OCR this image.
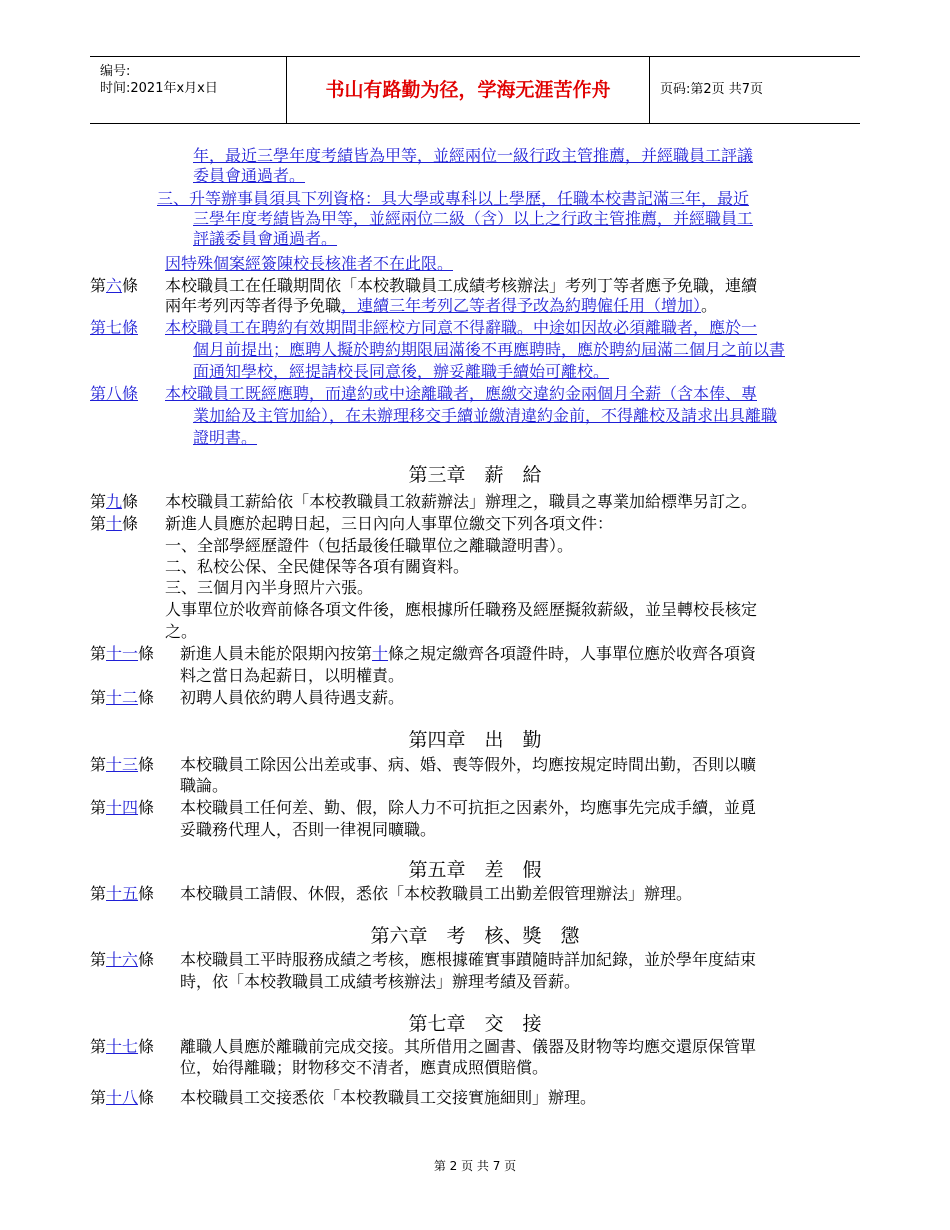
编号:
时间:2021年x月x日	书山有路勤为径，学海无涯苦作舟	页码:第2页 共7页
年，最近三學年度考績皆為甲等，並經兩位一級行政主管推薦，并經職員工評議
委員會通過者。
三、升等辦事員須具下列資格：具大學或專科以上學歷，任職本校書記滿三年，最近
三學年度考績皆為甲等，並經兩位二級（含）以上之行政主管推薦，并經職員工
評議委員會通過者。
因特殊個案經簽陳校長核准者不在此限。
第六條 本校職員工在任職期間依「本校教職員工成績考核辦法」考列丁等者應予免職，連續
兩年考列丙等者得予免職，連續三年考列乙等者得予改為約聘僱任用（增加）。
第七條 本校職員工在聘約有效期間非經校方同意不得辭職。中途如因故必須離職者，應於一
個月前提出；應聘人擬於聘約期限屆滿後不再應聘時，應於聘約屆滿二個月之前以書
面通知學校，經提請校長同意後，辦妥離職手續始可離校。
第八條 本校職員工既經應聘，而違約或中途離職者，應繳交違約金兩個月全薪（含本俸、專
業加給及主管加給），在未辦理移交手續並繳清違約金前，不得離校及請求出具離職
證明書。
第三章　薪　給
第九條 本校職員工薪給依「本校教職員工敘薪辦法」辦理之，職員之專業加給標準另訂之。
第十條 新進人員應於起聘日起，三日內向人事單位繳交下列各項文件：
一、全部學經歷證件（包括最後任職單位之離職證明書）。
二、私校公保、全民健保等各項有關資料。
三、三個月內半身照片六張。
人事單位於收齊前條各項文件後，應根據所任職務及經歷擬敘薪級，並呈轉校長核定
之。
第十一條 新進人員未能於限期內按第十條之規定繳齊各項證件時，人事單位應於收齊各項資
料之當日為起薪日，以明權責。
第十二條 初聘人員依約聘人員待遇支薪。
第四章　出　勤
第十三條 本校職員工除因公出差或事、病、婚、喪等假外，均應按規定時間出勤，否則以曠
職論。
第十四條 本校職員工任何差、勤、假，除人力不可抗拒之因素外，均應事先完成手續，並覓
妥職務代理人，否則一律視同曠職。
第五章　差　假
第十五條 本校職員工請假、休假，悉依「本校教職員工出勤差假管理辦法」辦理。
第六章　考　核、獎　懲
第十六條 本校職員工平時服務成績之考核，應根據確實事蹟隨時詳加紀錄，並於學年度結束
時，依「本校教職員工成績考核辦法」辦理考績及晉薪。
第七章　交　接
第十七條 離職人員應於離職前完成交接。其所借用之圖書、儀器及財物等均應交還原保管單
位，始得離職；財物移交不清者，應責成照價賠償。
第十八條 本校職員工交接悉依「本校教職員工交接實施細則」辦理。
第 2 页 共 7 页
